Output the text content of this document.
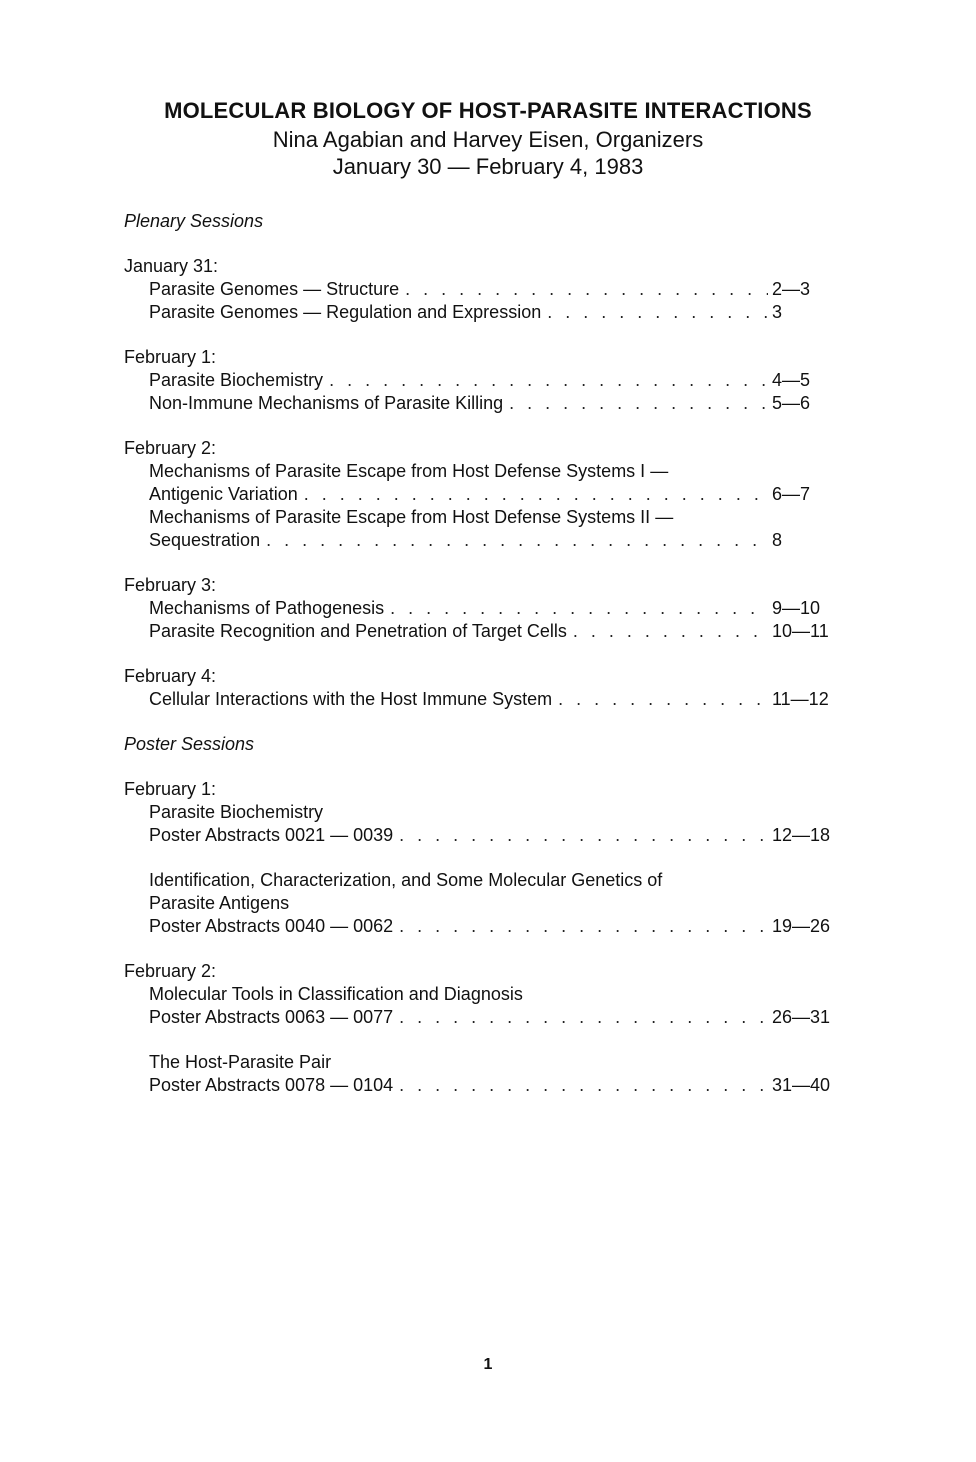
MOLECULAR BIOLOGY OF HOST-PARASITE INTERACTIONS
Nina Agabian and Harvey Eisen, Organizers
January 30 — February 4, 1983
Plenary Sessions
January 31:
Parasite Genomes — Structure . . .	2—3
Parasite Genomes — Regulation and Expression . . .	3
February 1:
Parasite Biochemistry . . .	4—5
Non-Immune Mechanisms of Parasite Killing . . .	5—6
February 2:
Mechanisms of Parasite Escape from Host Defense Systems I —
Antigenic Variation . . .	6—7
Mechanisms of Parasite Escape from Host Defense Systems II —
Sequestration . . .	8
February 3:
Mechanisms of Pathogenesis . . .	9—10
Parasite Recognition and Penetration of Target Cells . . .	10—11
February 4:
Cellular Interactions with the Host Immune System . . .	11—12
Poster Sessions
February 1:
Parasite Biochemistry
Poster Abstracts 0021 — 0039 . . .	12—18
Identification, Characterization, and Some Molecular Genetics of
Parasite Antigens
Poster Abstracts 0040 — 0062 . . .	19—26
February 2:
Molecular Tools in Classification and Diagnosis
Poster Abstracts 0063 — 0077 . . .	26—31
The Host-Parasite Pair
Poster Abstracts 0078 — 0104 . . .	31—40
1
